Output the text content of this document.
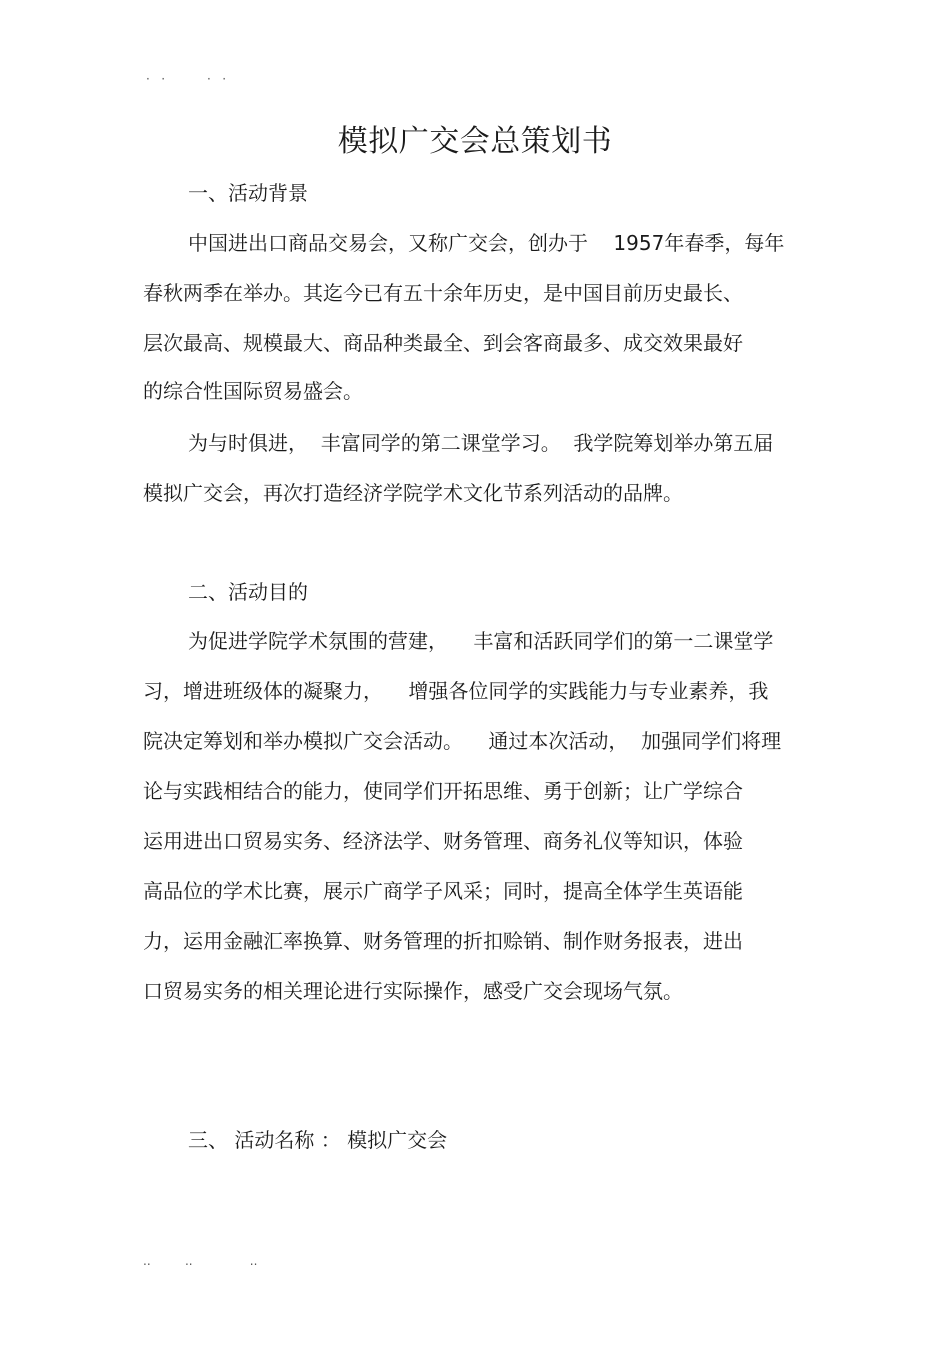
·   ·           ·   ·
模拟广交会总策划书
一、活动背景
中国进出口商品交易会，又称广交会，创办于    1957年春季，每年
春秋两季在举办。其迄今已有五十余年历史，是中国目前历史最长、
层次最高、规模最大、商品种类最全、到会客商最多、成交效果最好
的综合性国际贸易盛会。
为与时俱进，  丰富同学的第二课堂学习。  我学院筹划举办第五届
模拟广交会，再次打造经济学院学术文化节系列活动的品牌。
二、活动目的
为促进学院学术氛围的营建，    丰富和活跃同学们的第一二课堂学
习，增进班级体的凝聚力，    增强各位同学的实践能力与专业素养，我
院决定筹划和举办模拟广交会活动。    通过本次活动，  加强同学们将理
论与实践相结合的能力，使同学们开拓思维、勇于创新；让广学综合
运用进出口贸易实务、经济法学、财务管理、商务礼仪等知识，体验
高品位的学术比赛，展示广商学子风采；同时，提高全体学生英语能
力，运用金融汇率换算、财务管理的折扣赊销、制作财务报表，进出
口贸易实务的相关理论进行实际操作，感受广交会现场气氛。
三、 活动名称 ： 模拟广交会
..         ..               ..
